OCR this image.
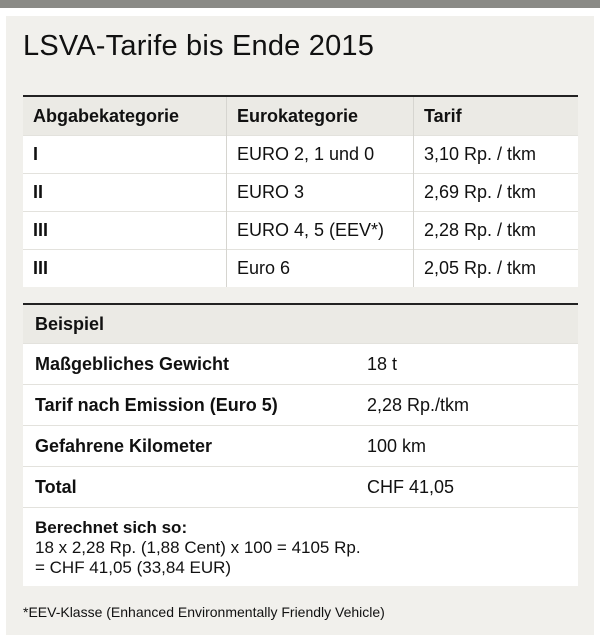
LSVA-Tarife bis Ende 2015
Abgabekategorie	Eurokategorie	Tarif
I	EURO 2, 1 und 0	3,10 Rp. / tkm
II	EURO 3	2,69 Rp. / tkm
III	EURO 4, 5 (EEV*)	2,28 Rp. / tkm
III	Euro 6	2,05 Rp. / tkm
Beispiel
Maßgebliches Gewicht	18 t
Tarif nach Emission (Euro 5)	2,28 Rp./tkm
Gefahrene Kilometer	100 km
Total	CHF 41,05
Berechnet sich so:
18 x 2,28 Rp. (1,88 Cent) x 100 = 4105 Rp.
= CHF 41,05 (33,84 EUR)

*EEV-Klasse (Enhanced Environmentally Friendly Vehicle)
